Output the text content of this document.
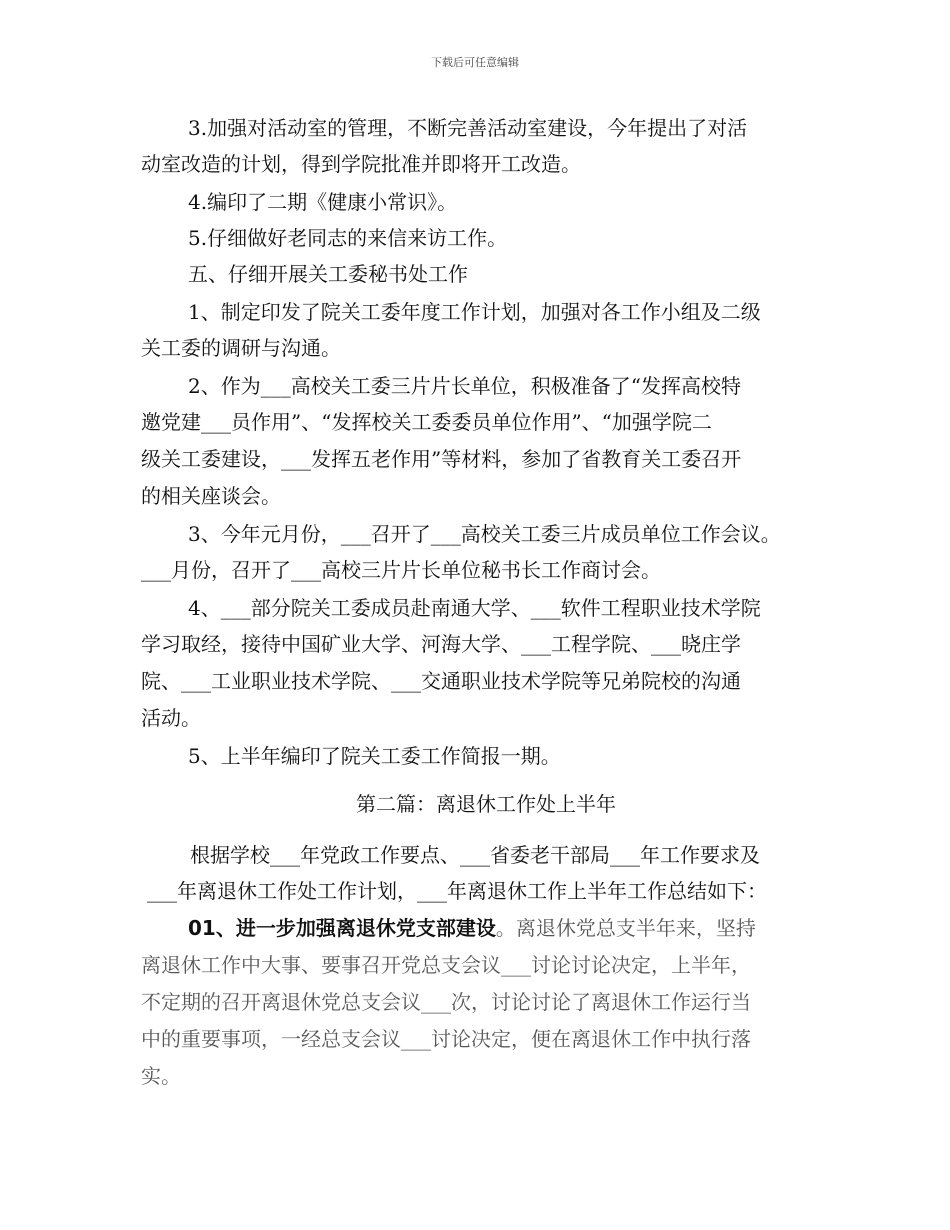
下载后可任意编辑
3.加强对活动室的管理，不断完善活动室建设，今年提出了对活
动室改造的计划，得到学院批准并即将开工改造。
4.编印了二期《健康小常识》。
5.仔细做好老同志的来信来访工作。
五、仔细开展关工委秘书处工作
1、制定印发了院关工委年度工作计划，加强对各工作小组及二级
关工委的调研与沟通。
2、作为___高校关工委三片片长单位，积极准备了“发挥高校特
邀党建___员作用”、“发挥校关工委委员单位作用”、“加强学院二
级关工委建设，___发挥五老作用”等材料，参加了省教育关工委召开
的相关座谈会。
3、今年元月份，___召开了___高校关工委三片成员单位工作会议。
___月份，召开了___高校三片片长单位秘书长工作商讨会。
4、___部分院关工委成员赴南通大学、___软件工程职业技术学院
学习取经，接待中国矿业大学、河海大学、___工程学院、___晓庄学
院、___工业职业技术学院、___交通职业技术学院等兄弟院校的沟通
活动。
5、上半年编印了院关工委工作简报一期。
第二篇：离退休工作处上半年
根据学校___年党政工作要点、___省委老干部局___年工作要求及
___年离退休工作处工作计划，___年离退休工作上半年工作总结如下：
01、进一步加强离退休党支部建设。离退休党总支半年来，坚持
离退休工作中大事、要事召开党总支会议___讨论讨论决定，上半年，
不定期的召开离退休党总支会议___次，讨论讨论了离退休工作运行当
中的重要事项，一经总支会议___讨论决定，便在离退休工作中执行落
实。
